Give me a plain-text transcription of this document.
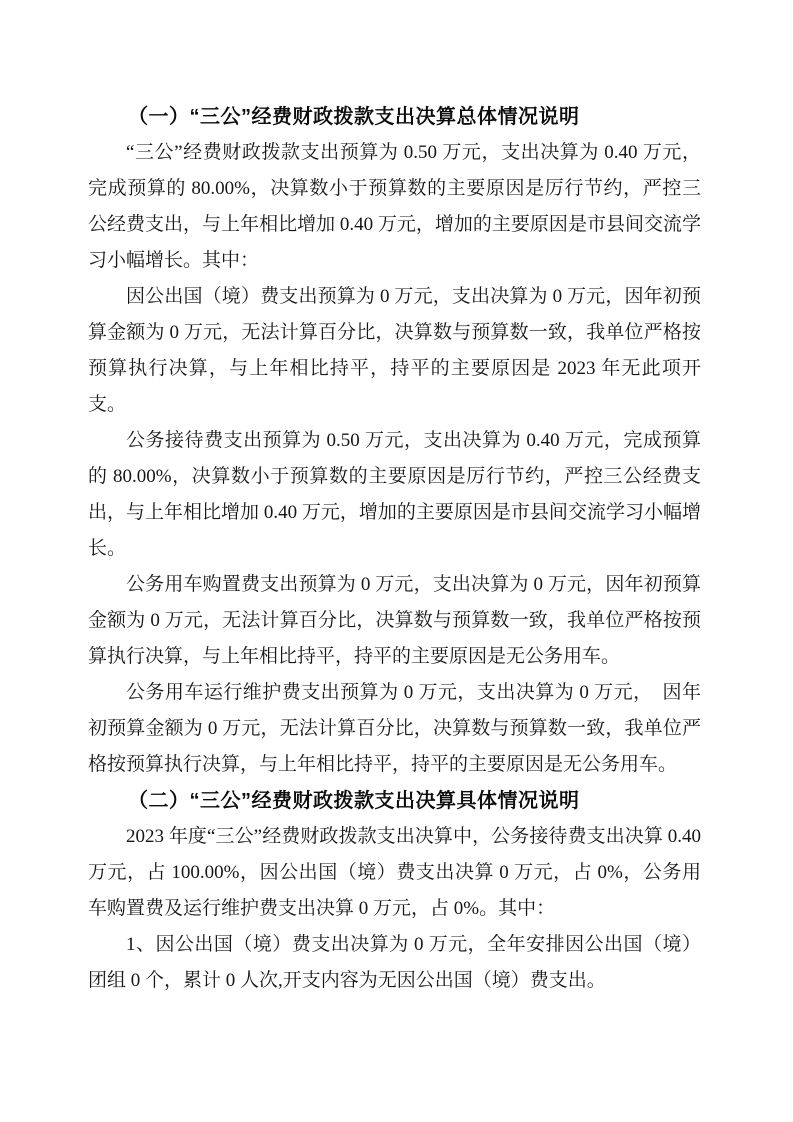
（一）“三公”经费财政拨款支出决算总体情况说明

“三公”经费财政拨款支出预算为 0.50 万元，支出决算为 0.40 万元，完成预算的 80.00%，决算数小于预算数的主要原因是厉行节约，严控三公经费支出，与上年相比增加 0.40 万元，增加的主要原因是市县间交流学习小幅增长。其中：

因公出国（境）费支出预算为 0 万元，支出决算为 0 万元，因年初预算金额为 0 万元，无法计算百分比，决算数与预算数一致，我单位严格按预算执行决算，与上年相比持平，持平的主要原因是 2023 年无此项开支。

公务接待费支出预算为 0.50 万元，支出决算为 0.40 万元，完成预算的 80.00%，决算数小于预算数的主要原因是厉行节约，严控三公经费支出，与上年相比增加 0.40 万元，增加的主要原因是市县间交流学习小幅增长。

公务用车购置费支出预算为 0 万元，支出决算为 0 万元，因年初预算金额为 0 万元，无法计算百分比，决算数与预算数一致，我单位严格按预算执行决算，与上年相比持平，持平的主要原因是无公务用车。

公务用车运行维护费支出预算为 0 万元，支出决算为 0 万元，　因年初预算金额为 0 万元，无法计算百分比，决算数与预算数一致，我单位严格按预算执行决算，与上年相比持平，持平的主要原因是无公务用车。

（二）“三公”经费财政拨款支出决算具体情况说明

2023 年度“三公”经费财政拨款支出决算中，公务接待费支出决算 0.40 万元，占 100.00%，因公出国（境）费支出决算 0 万元，占 0%，公务用车购置费及运行维护费支出决算 0 万元，占 0%。其中：

1、因公出国（境）费支出决算为 0 万元，全年安排因公出国（境）团组 0 个，累计 0 人次,开支内容为无因公出国（境）费支出。
